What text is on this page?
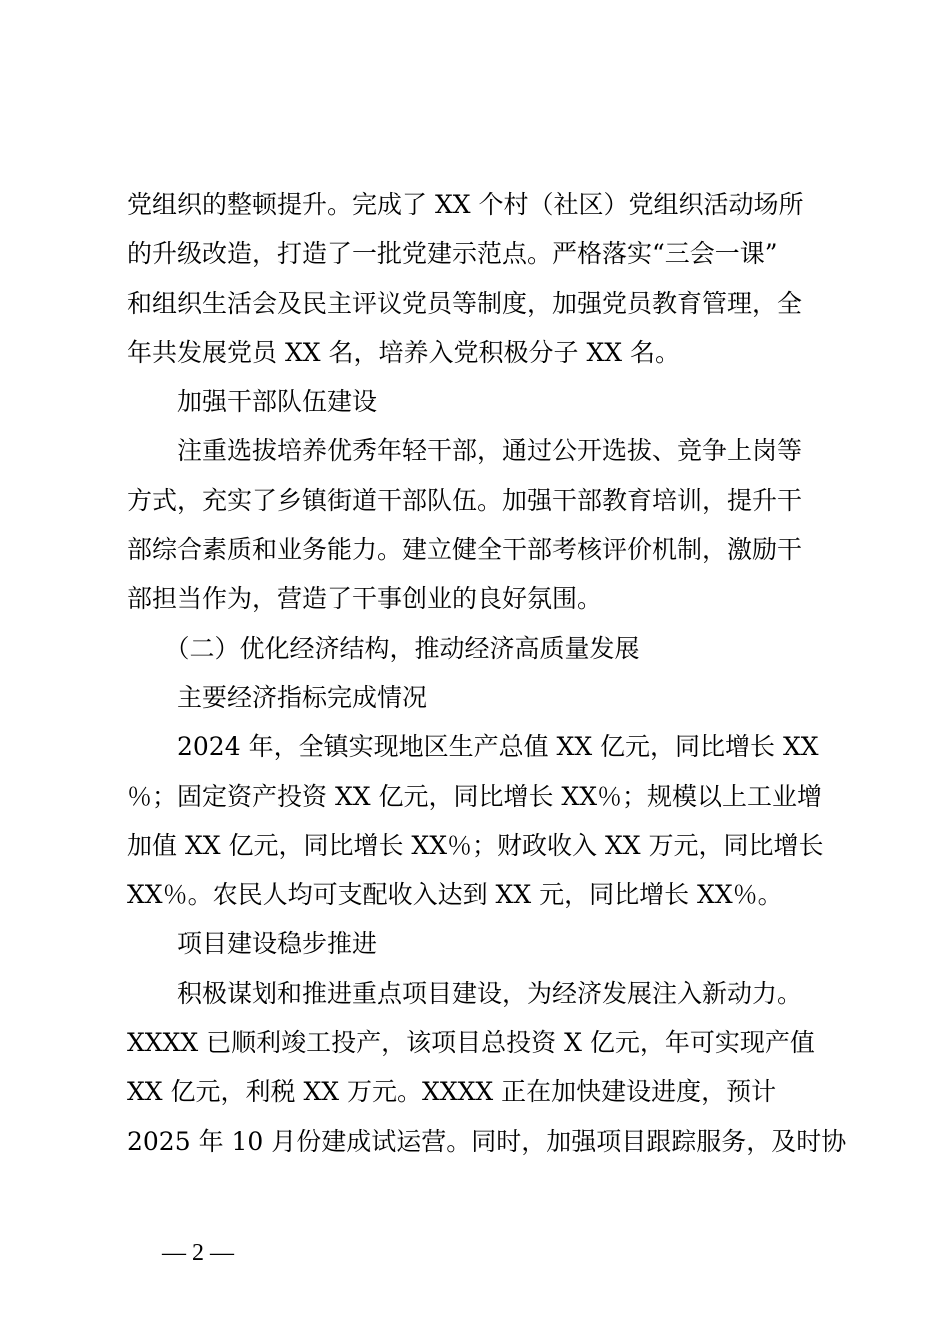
党组织的整顿提升。完成了 XX 个村（社区）党组织活动场所
的升级改造，打造了一批党建示范点。严格落实“三会一课”
和组织生活会及民主评议党员等制度，加强党员教育管理，全
年共发展党员 XX 名，培养入党积极分子 XX 名。
　　加强干部队伍建设
　　注重选拔培养优秀年轻干部，通过公开选拔、竞争上岗等
方式，充实了乡镇街道干部队伍。加强干部教育培训，提升干
部综合素质和业务能力。建立健全干部考核评价机制，激励干
部担当作为，营造了干事创业的良好氛围。
　　（二）优化经济结构，推动经济高质量发展
　　主要经济指标完成情况
　　2024 年，全镇实现地区生产总值 XX 亿元，同比增长 XX
％；固定资产投资 XX 亿元，同比增长 XX％；规模以上工业增
加值 XX 亿元，同比增长 XX％；财政收入 XX 万元，同比增长
XX％。农民人均可支配收入达到 XX 元，同比增长 XX％。
　　项目建设稳步推进
　　积极谋划和推进重点项目建设，为经济发展注入新动力。
XXXX 已顺利竣工投产，该项目总投资 X 亿元，年可实现产值
XX 亿元，利税 XX 万元。XXXX 正在加快建设进度，预计
2025 年 10 月份建成试运营。同时，加强项目跟踪服务，及时协
— 2 —
